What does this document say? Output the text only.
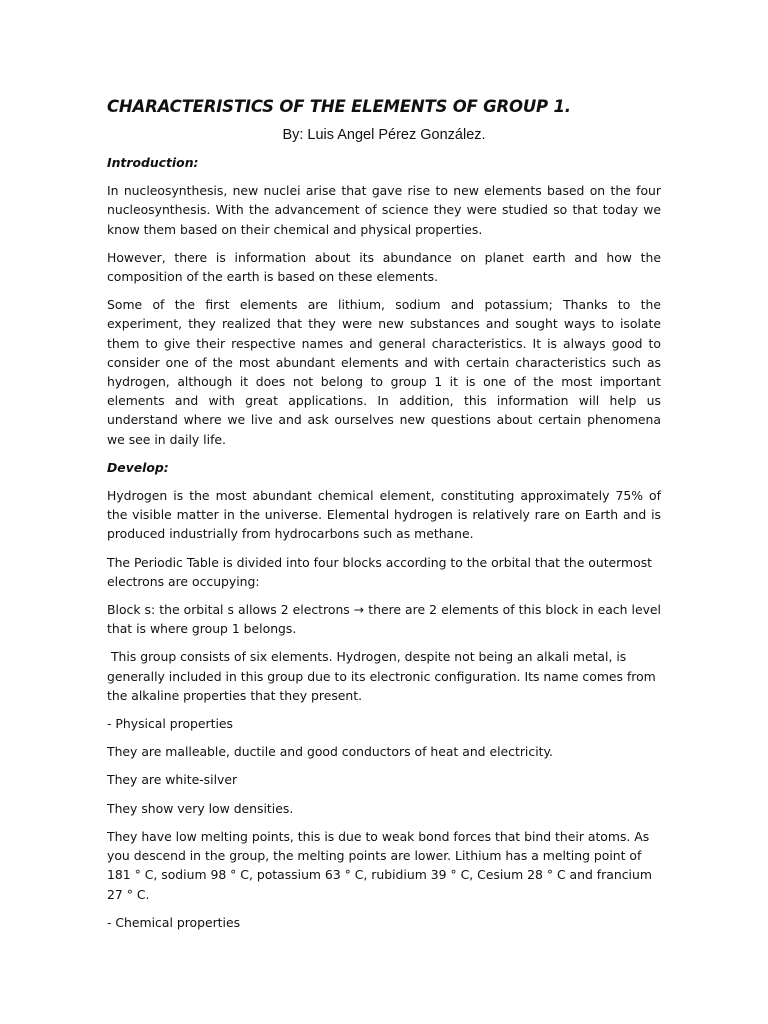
CHARACTERISTICS OF THE ELEMENTS OF GROUP 1.

By: Luis Angel Pérez González.

Introduction:

In nucleosynthesis, new nuclei arise that gave rise to new elements based on the four nucleosynthesis. With the advancement of science they were studied so that today we know them based on their chemical and physical properties.

However, there is information about its abundance on planet earth and how the composition of the earth is based on these elements.

Some of the first elements are lithium, sodium and potassium; Thanks to the experiment, they realized that they were new substances and sought ways to isolate them to give their respective names and general characteristics. It is always good to consider one of the most abundant elements and with certain characteristics such as hydrogen, although it does not belong to group 1 it is one of the most important elements and with great applications. In addition, this information will help us understand where we live and ask ourselves new questions about certain phenomena we see in daily life.

Develop:

Hydrogen is the most abundant chemical element, constituting approximately 75% of the visible matter in the universe. Elemental hydrogen is relatively rare on Earth and is produced industrially from hydrocarbons such as methane.

The Periodic Table is divided into four blocks according to the orbital that the outermost electrons are occupying:

Block s: the orbital s allows 2 electrons → there are 2 elements of this block in each level that is where group 1 belongs.

This group consists of six elements. Hydrogen, despite not being an alkali metal, is generally included in this group due to its electronic configuration. Its name comes from the alkaline properties that they present.

- Physical properties

They are malleable, ductile and good conductors of heat and electricity.

They are white-silver

They show very low densities.

They have low melting points, this is due to weak bond forces that bind their atoms. As you descend in the group, the melting points are lower. Lithium has a melting point of 181 ° C, sodium 98 ° C, potassium 63 ° C, rubidium 39 ° C, Cesium 28 ° C and francium 27 ° C.

- Chemical properties
